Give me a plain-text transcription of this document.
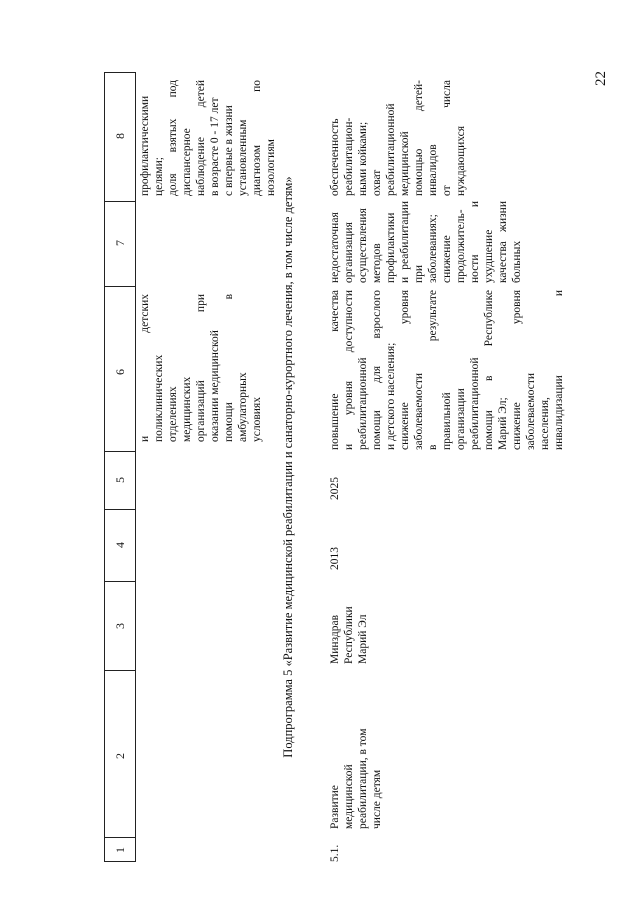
22
1
2
3
4
5
6
7
8
и детских поликлинических отделениях медицинских организаций при оказании медицинской помощи в амбулаторных условиях
профилактическими целями; доля взятых под диспансерное наблюдение детей в возрасте 0 - 17 лет с впервые в жизни установленным диагнозом по нозологиям
Подпрограмма 5 «Развитие медицинской реабилитации и санаторно-курортного лечения, в том числе детям»
5.1.
Развитие медицинской реабилитации, в том числе детям
Минздрав Республики Марий Эл
2013
2025
повышение качества и уровня доступности реабилитационной помощи для взрослого и детского населения; снижение уровня заболеваемости в результате правильной организации реабилитационной помощи в Республике Марий Эл; снижение уровня заболеваемости населения, инвалидизации и
недостаточная организация осуществления методов профилактики и реабилитации при заболеваниях; снижение продолжитель- ности и ухудшение качества жизни больных
обеспеченность реабилитацион- ными койками; охват реабилитационной медицинской помощью детей- инвалидов от числа нуждающихся
